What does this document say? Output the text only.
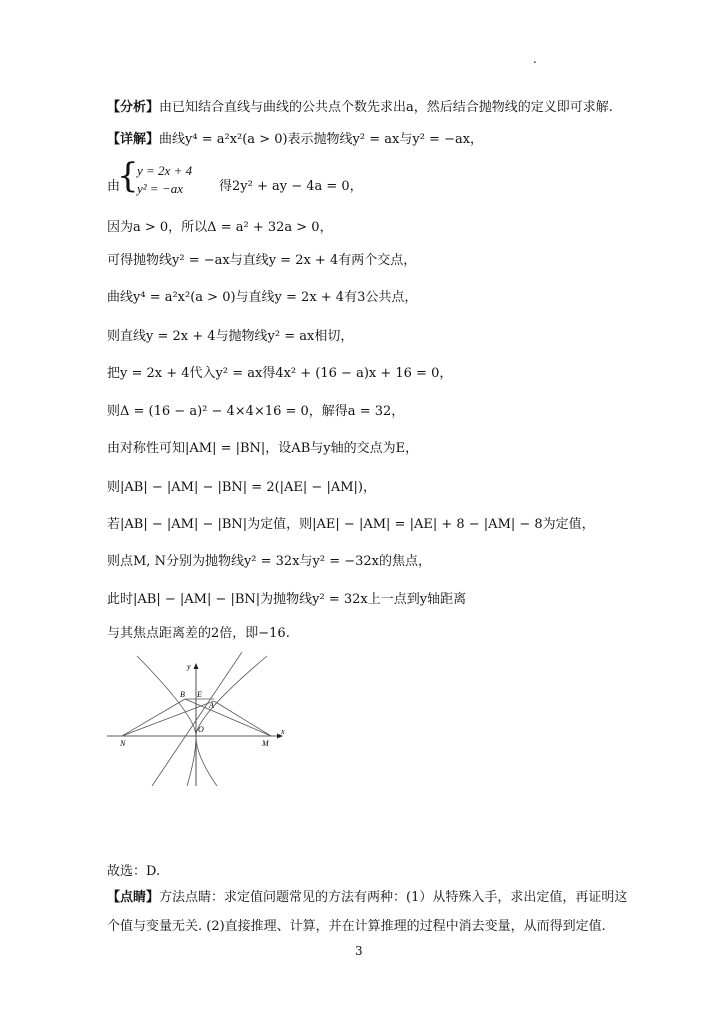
.
【分析】由已知结合直线与曲线的公共点个数先求出a，然后结合抛物线的定义即可求解.
【详解】曲线y⁴ = a²x²(a > 0)表示抛物线y² = ax与y² = −ax，
由
{
y = 2x + 4
y² = −ax	得2y² + ay − 4a = 0，
因为a > 0，所以Δ = a² + 32a > 0，
可得抛物线y² = −ax与直线y = 2x + 4有两个交点，
曲线y⁴ = a²x²(a > 0)与直线y = 2x + 4有3公共点，
则直线y = 2x + 4与抛物线y² = ax相切，
把y = 2x + 4代入y² = ax得4x² + (16 − a)x + 16 = 0，
则Δ = (16 − a)² − 4×4×16 = 0，解得a = 32，
由对称性可知|AM| = |BN|，设AB与y轴的交点为E，
则|AB| − |AM| − |BN| = 2(|AE| − |AM|)，
若|AB| − |AM| − |BN|为定值，则|AE| − |AM| = |AE| + 8 − |AM| − 8为定值，
则点M, N分别为抛物线y² = 32x与y² = −32x的焦点，
此时|AB| − |AM| − |BN|为抛物线y² = 32x上一点到y轴距离
与其焦点距离差的2倍，即−16.
y
x
B E
A
O
N	M
故选：D.
【点睛】方法点睛：求定值问题常见的方法有两种：(1）从特殊入手，求出定值，再证明这
个值与变量无关. (2)直接推理、计算，并在计算推理的过程中消去变量，从而得到定值.
3
